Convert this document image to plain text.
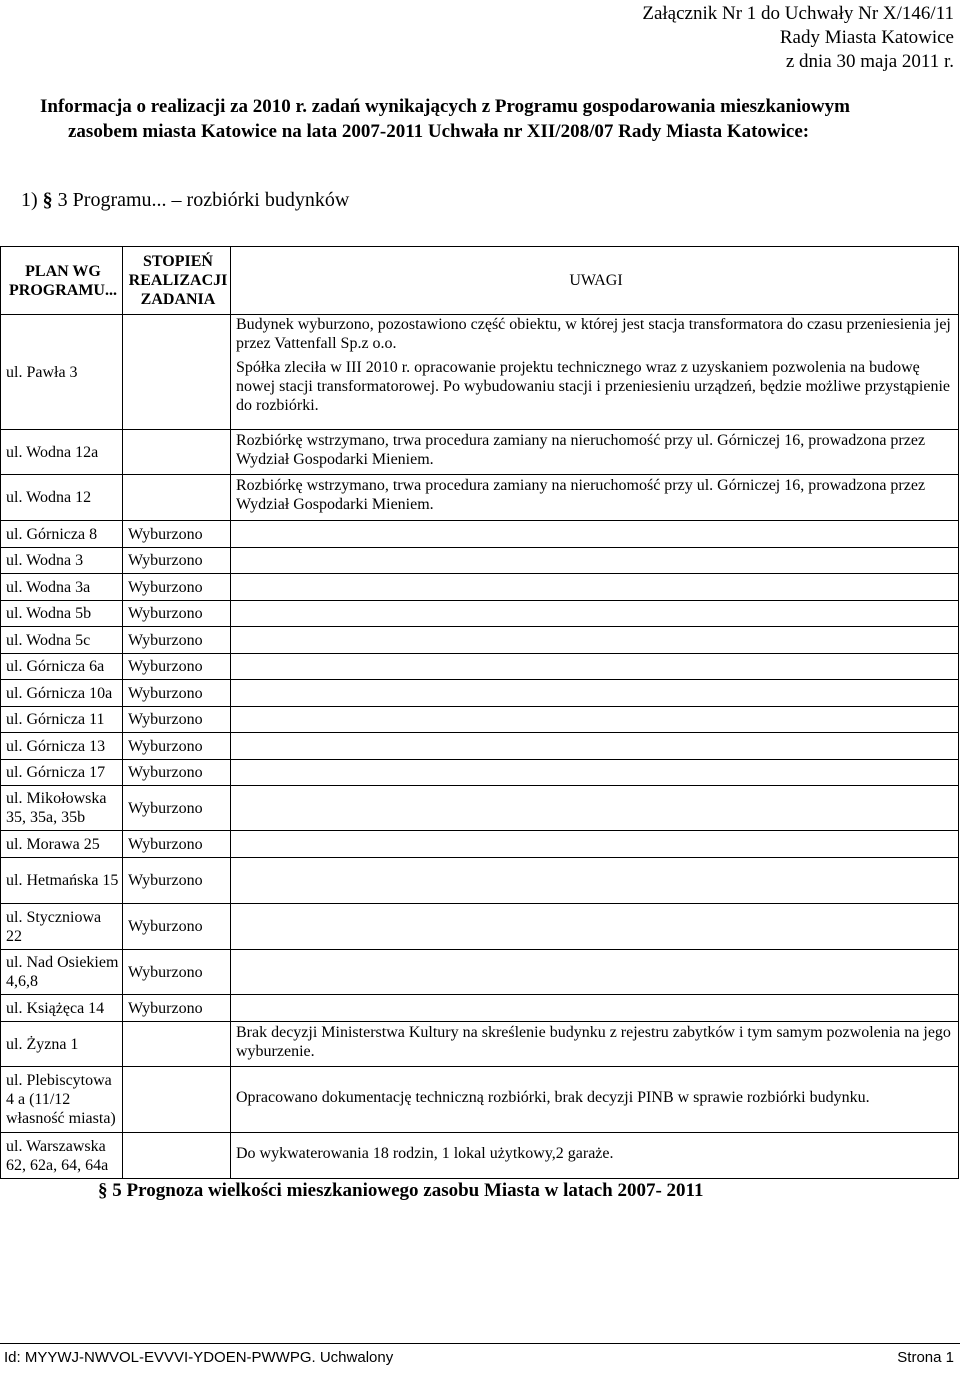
Załącznik Nr 1 do Uchwały Nr X/146/11
Rady Miasta Katowice
z dnia 30 maja 2011 r.
Informacja o realizacji za 2010 r. zadań wynikających z Programu gospodarowania mieszkaniowym
zasobem miasta Katowice na lata 2007-2011 Uchwała nr XII/208/07 Rady Miasta Katowice:
1) § 3 Programu... – rozbiórki budynków
PLAN WG PROGRAMU...	STOPIEŃ REALIZACJI ZADANIA	UWAGI
ul. Pawła 3		Budynek wyburzono, pozostawiono część obiektu, w której jest stacja transformatora do czasu przeniesienia jej przez Vattenfall Sp.z o.o.

Spółka zleciła w III 2010 r. opracowanie projektu technicznego wraz z uzyskaniem pozwolenia na budowę nowej stacji transformatorowej. Po wybudowaniu stacji i przeniesieniu urządzeń, będzie możliwe przystąpienie do rozbiórki.

ul. Wodna 12a		Rozbiórkę wstrzymano, trwa procedura zamiany na nieruchomość przy ul. Górniczej 16, prowadzona przez Wydział Gospodarki Mieniem.

ul. Wodna 12		Rozbiórkę wstrzymano, trwa procedura zamiany na nieruchomość przy ul. Górniczej 16, prowadzona przez Wydział Gospodarki Mieniem.

ul. Górnicza 8	Wyburzono	
ul. Wodna 3	Wyburzono	
ul. Wodna 3a	Wyburzono	
ul. Wodna 5b	Wyburzono	
ul. Wodna 5c	Wyburzono	
ul. Górnicza 6a	Wyburzono	
ul. Górnicza 10a	Wyburzono	
ul. Górnicza 11	Wyburzono	
ul. Górnicza 13	Wyburzono	
ul. Górnicza 17	Wyburzono	
ul. Mikołowska 35, 35a, 35b	Wyburzono	
ul. Morawa 25	Wyburzono	
ul. Hetmańska 15	Wyburzono	
ul. Styczniowa 22	Wyburzono	
ul. Nad Osiekiem 4,6,8	Wyburzono	
ul. Książęca 14	Wyburzono	
ul. Żyzna 1		Brak decyzji Ministerstwa Kultury na skreślenie budynku z rejestru zabytków i tym samym pozwolenia na jego wyburzenie.

ul. Plebiscytowa 4 a (11/12 własność miasta)		Opracowano dokumentację techniczną rozbiórki, brak decyzji PINB w sprawie rozbiórki budynku.

ul. Warszawska 62, 62a, 64, 64a		Do wykwaterowania 18 rodzin, 1 lokal użytkowy,2 garaże.

§ 5 Prognoza wielkości mieszkaniowego zasobu Miasta w latach 2007- 2011
Id: MYYWJ-NWVOL-EVVVI-YDOEN-PWWPG. Uchwalony	Strona 1
